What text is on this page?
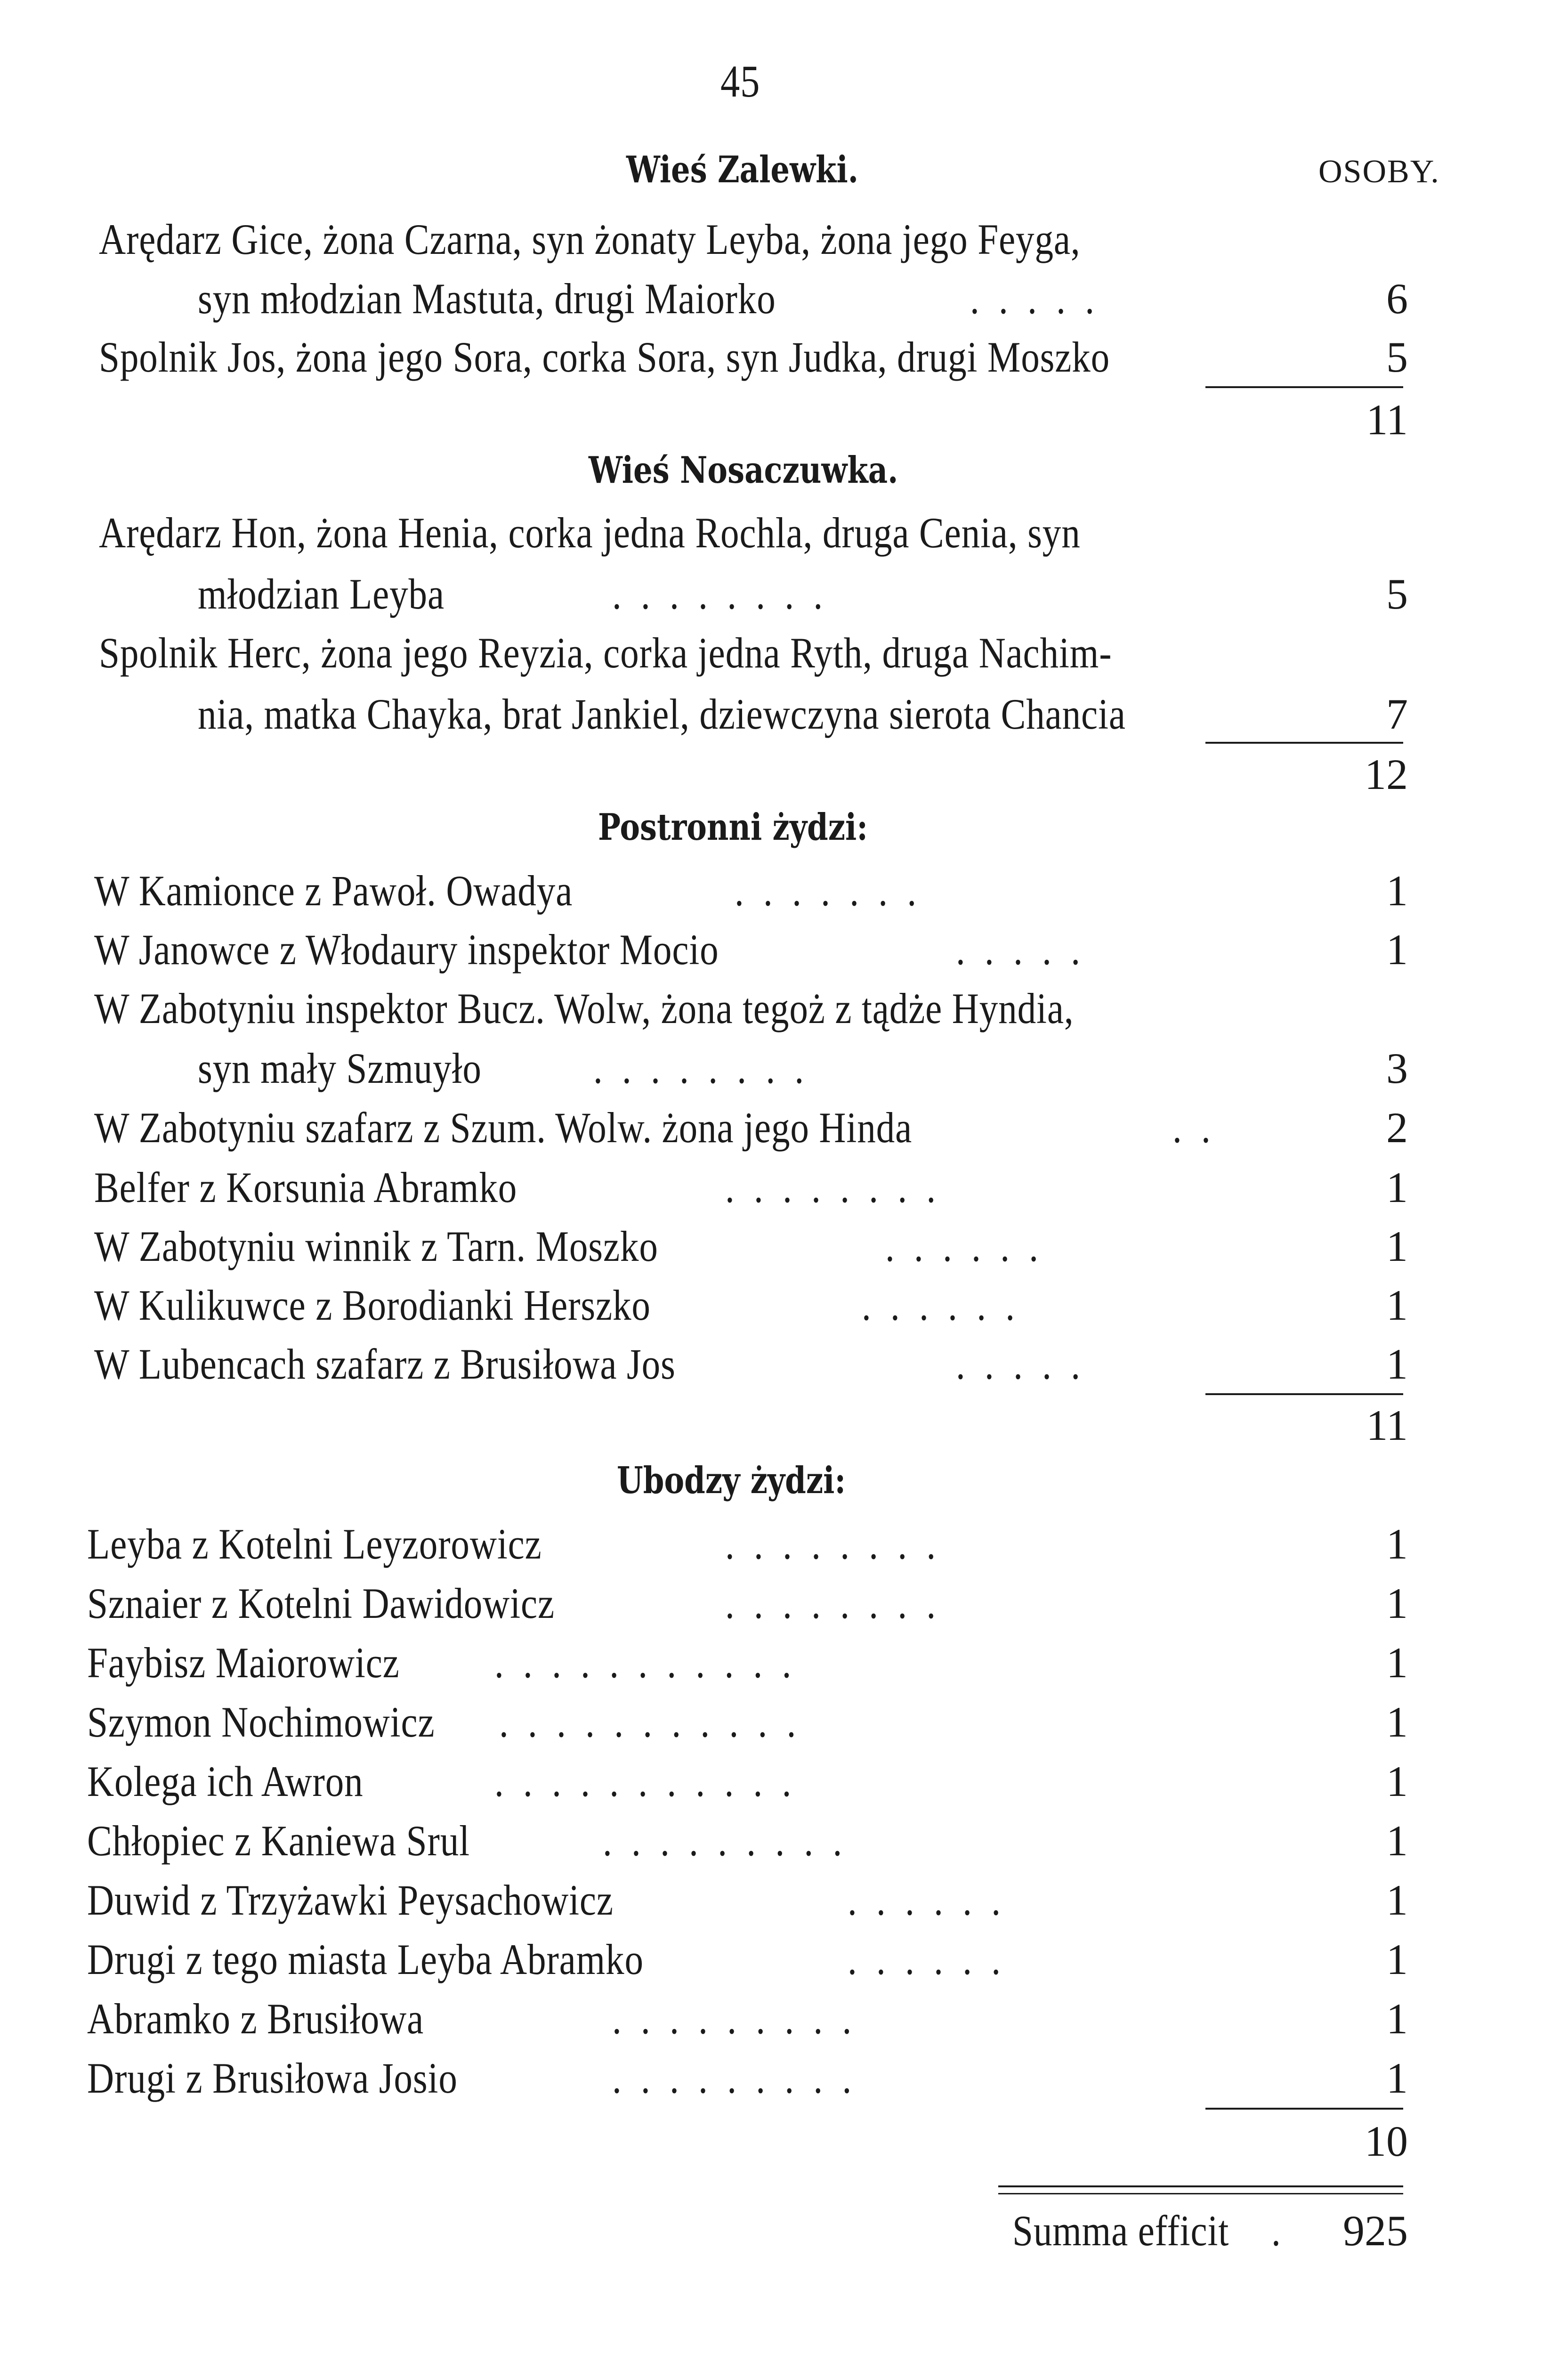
45
OSOBY.
Wieś Zalewki.
Arędarz Gice, żona Czarna, syn żonaty Leyba, żona jego Feyga,
syn młodzian Mastuta, drugi Maiorko	.....	6
Spolnik Jos, żona jego Sora, corka Sora, syn Judka, drugi Moszko	5
11
Wieś Nosaczuwka.
Arędarz Hon, żona Henia, corka jedna Rochla, druga Cenia, syn
młodzian Leyba	........	5
Spolnik Herc, żona jego Reyzia, corka jedna Ryth, druga Nachim-
nia, matka Chayka, brat Jankiel, dziewczyna sierota Chancia	7
12
Postronni żydzi:
W Kamionce z Pawoł. Owadya	.......	1
W Janowce z Włodaury inspektor Mocio	.....	1
W Zabotyniu inspektor Bucz. Wolw, żona tegoż z tądże Hyndia,
syn mały Szmuyło	........	3
W Zabotyniu szafarz z Szum. Wolw. żona jego Hinda	..	2
Belfer z Korsunia Abramko	........	1
W Zabotyniu winnik z Tarn. Moszko	......	1
W Kulikuwce z Borodianki Herszko	......	1
W Lubencach szafarz z Brusiłowa Jos	.....	1
11
Ubodzy żydzi:
Leyba z Kotelni Leyzorowicz	........	1
Sznaier z Kotelni Dawidowicz	........	1
Faybisz Maiorowicz ...........	1
Szymon Nochimowicz ...........	1
Kolega ich Awron	...........	1
Chłopiec z Kaniewa Srul	.........	1
Duwid z Trzyżawki Peysachowicz	......	1
Drugi z tego miasta Leyba Abramko	......	1
Abramko z Brusiłowa	.........	1
Drugi z Brusiłowa Josio	.........	1
10
Summa efficit .	925
